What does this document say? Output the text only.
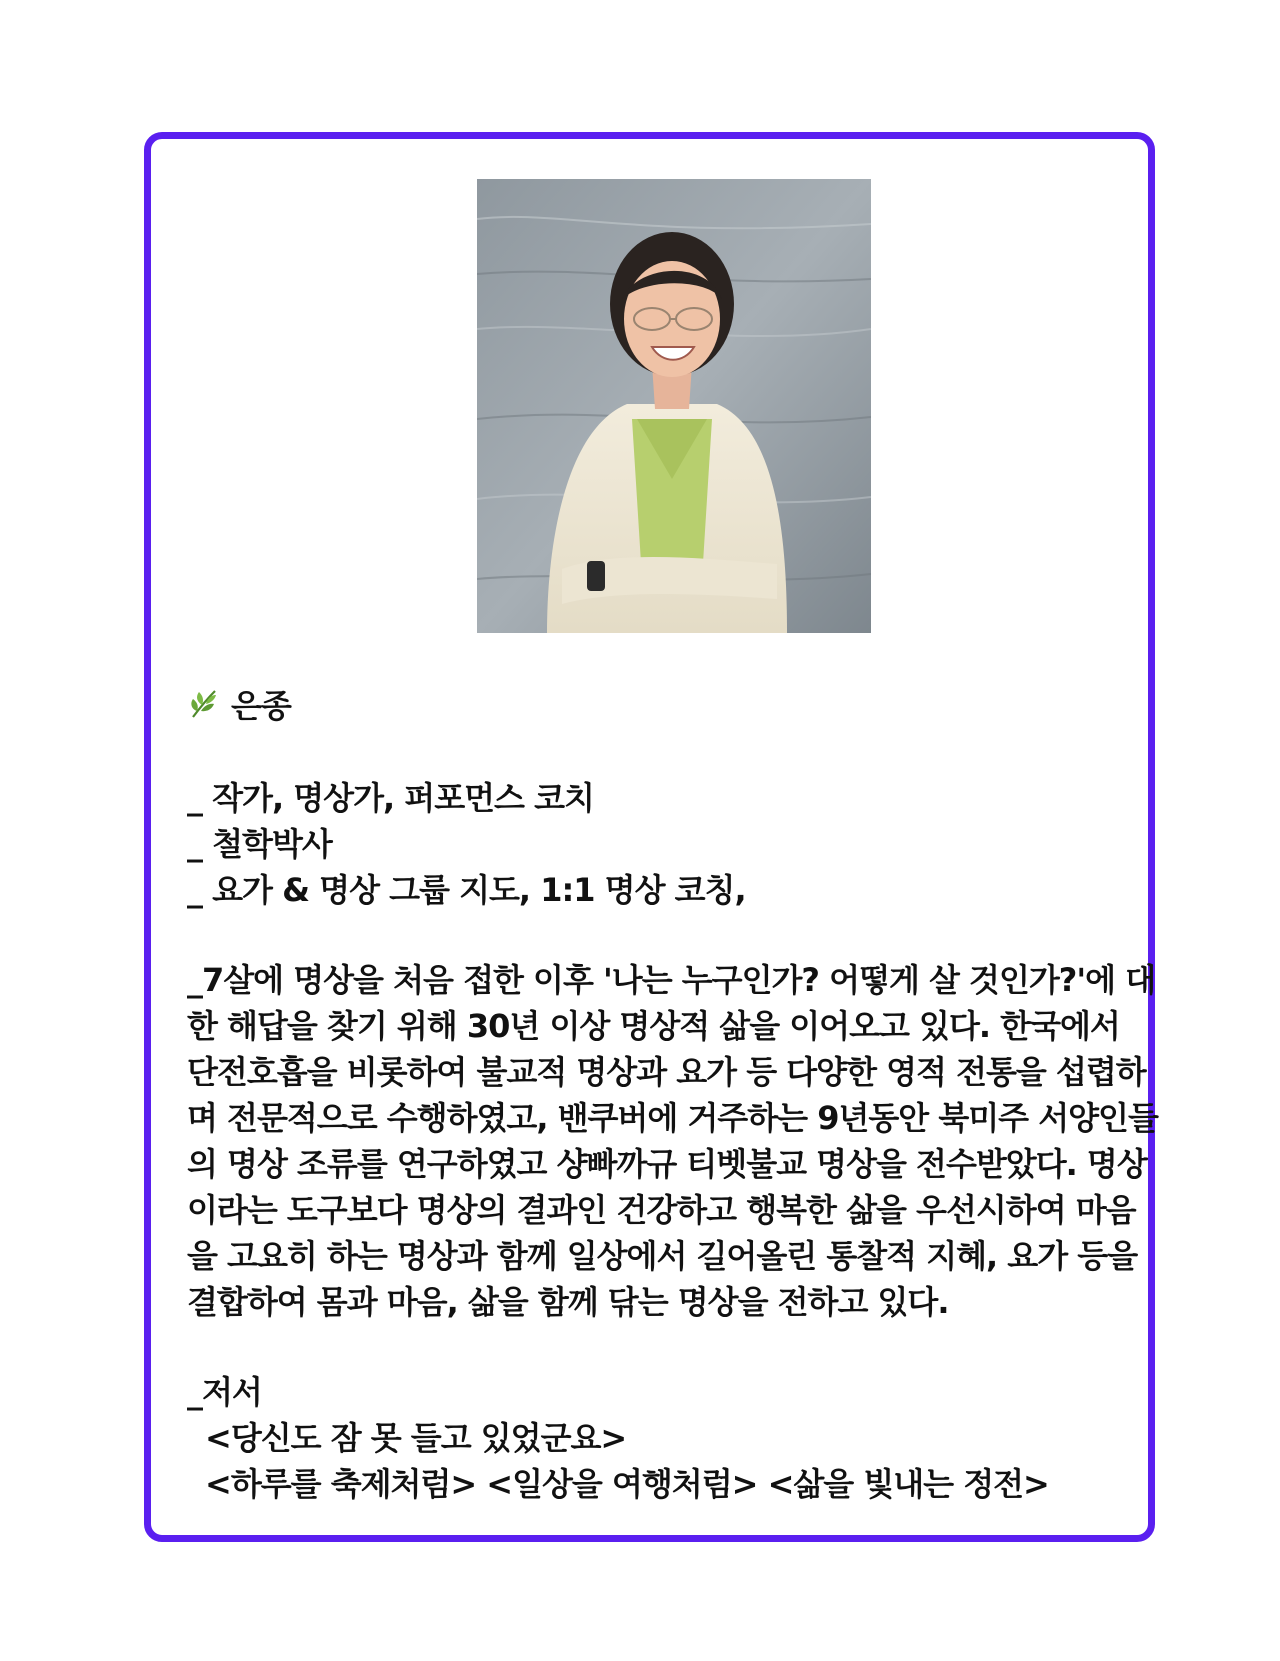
은종
_ 작가, 명상가, 퍼포먼스 코치
_ 철학박사
_ 요가 & 명상 그룹 지도, 1:1 명상 코칭,
_7살에 명상을 처음 접한 이후 '나는 누구인가? 어떻게 살 것인가?'에 대
한 해답을 찾기 위해 30년 이상 명상적 삶을 이어오고 있다. 한국에서
단전호흡을 비롯하여 불교적 명상과 요가 등 다양한 영적 전통을 섭렵하
며 전문적으로 수행하였고, 밴쿠버에 거주하는 9년동안 북미주 서양인들
의 명상 조류를 연구하였고 샹빠까규 티벳불교 명상을 전수받았다. 명상
이라는 도구보다 명상의 결과인 건강하고 행복한 삶을 우선시하여 마음
을 고요히 하는 명상과 함께 일상에서 길어올린 통찰적 지혜, 요가 등을
결합하여 몸과 마음, 삶을 함께 닦는 명상을 전하고 있다.
_저서
<당신도 잠 못 들고 있었군요>
<하루를 축제처럼> <일상을 여행처럼> <삶을 빛내는 정전>
